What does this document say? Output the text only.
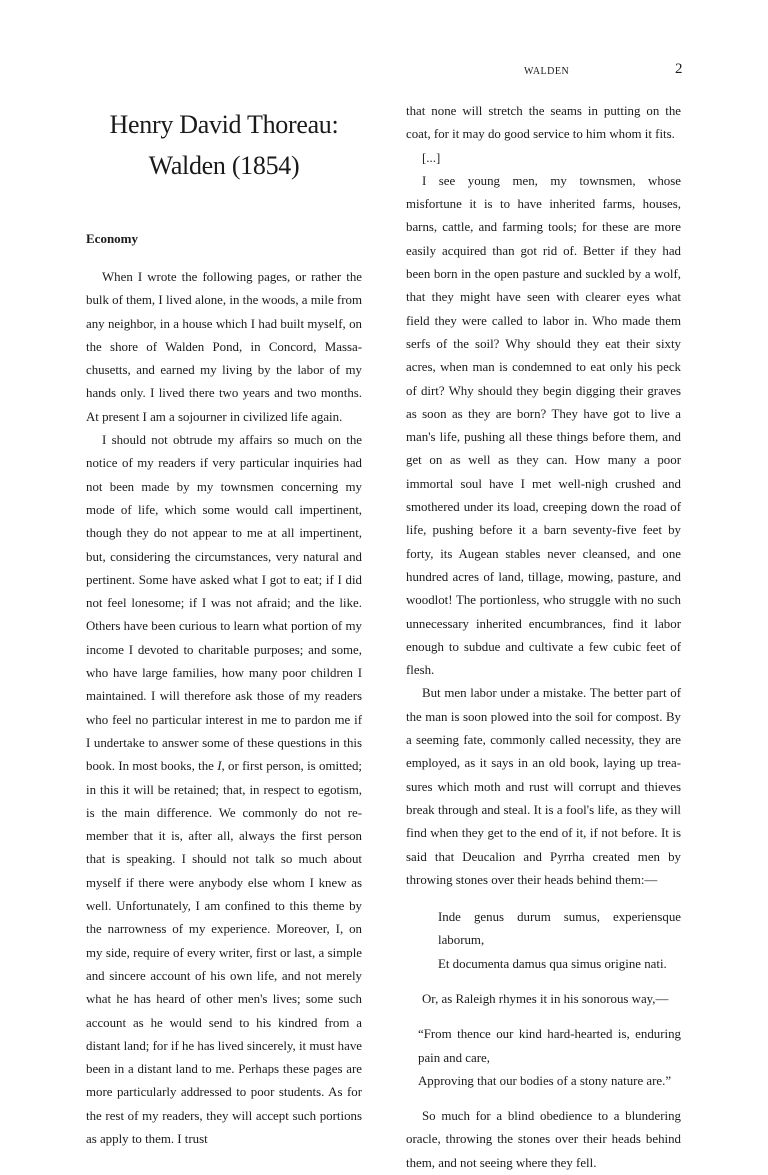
WALDEN	2

Henry David Thoreau:

Walden (1854)

Economy

When I wrote the following pages, or rather the bulk of them, I lived alone, in the woods, a mile from any neighbor, in a house which I had built myself, on the shore of Walden Pond, in Concord, Massachusetts, and earned my living by the labor of my hands only. I lived there two years and two months. At present I am a sojourner in civilized life again.

I should not obtrude my affairs so much on the notice of my readers if very particular inquiries had not been made by my townsmen concerning my mode of life, which some would call impertinent, though they do not appear to me at all impertinent, but, considering the circumstances, very natural and pertinent. Some have asked what I got to eat; if I did not feel lonesome; if I was not afraid; and the like. Others have been curious to learn what portion of my income I devoted to charitable purposes; and some, who have large families, how many poor children I maintained. I will therefore ask those of my readers who feel no particular interest in me to pardon me if I undertake to answer some of these questions in this book. In most books, the I, or first person, is omitted; in this it will be retained; that, in respect to egotism, is the main difference. We commonly do not remember that it is, after all, always the first person that is speaking. I should not talk so much about myself if there were anybody else whom I knew as well. Unfortunately, I am confined to this theme by the narrowness of my experience. Moreover, I, on my side, require of every writer, first or last, a simple and sincere account of his own life, and not merely what he has heard of other men's lives; some such account as he would send to his kindred from a distant land; for if he has lived sincerely, it must have been in a distant land to me. Perhaps these pages are more particularly addressed to poor students. As for the rest of my readers, they will accept such portions as apply to them. I trust

that none will stretch the seams in putting on the coat, for it may do good service to him whom it fits.

[...]

I see young men, my townsmen, whose misfortune it is to have inherited farms, houses, barns, cattle, and farming tools; for these are more easily acquired than got rid of. Better if they had been born in the open pasture and suckled by a wolf, that they might have seen with clearer eyes what field they were called to labor in. Who made them serfs of the soil? Why should they eat their sixty acres, when man is condemned to eat only his peck of dirt? Why should they begin digging their graves as soon as they are born? They have got to live a man's life, pushing all these things before them, and get on as well as they can. How many a poor immortal soul have I met well-nigh crushed and smothered under its load, creeping down the road of life, pushing before it a barn seventy-five feet by forty, its Augean stables never cleansed, and one hundred acres of land, tillage, mowing, pasture, and woodlot! The portionless, who struggle with no such unnecessary inherited encumbrances, find it labor enough to subdue and cultivate a few cubic feet of flesh.

But men labor under a mistake. The better part of the man is soon plowed into the soil for compost. By a seeming fate, commonly called necessity, they are employed, as it says in an old book, laying up treasures which moth and rust will corrupt and thieves break through and steal. It is a fool's life, as they will find when they get to the end of it, if not before. It is said that Deucalion and Pyrrha created men by throwing stones over their heads behind them:—

Inde genus durum sumus, experiensque laborum,

Et documenta damus qua simus origine nati.

Or, as Raleigh rhymes it in his sonorous way,—

“From thence our kind hard-hearted is, enduring pain and care,

Approving that our bodies of a stony nature are.”

So much for a blind obedience to a blundering oracle, throwing the stones over their heads behind them, and not seeing where they fell.
